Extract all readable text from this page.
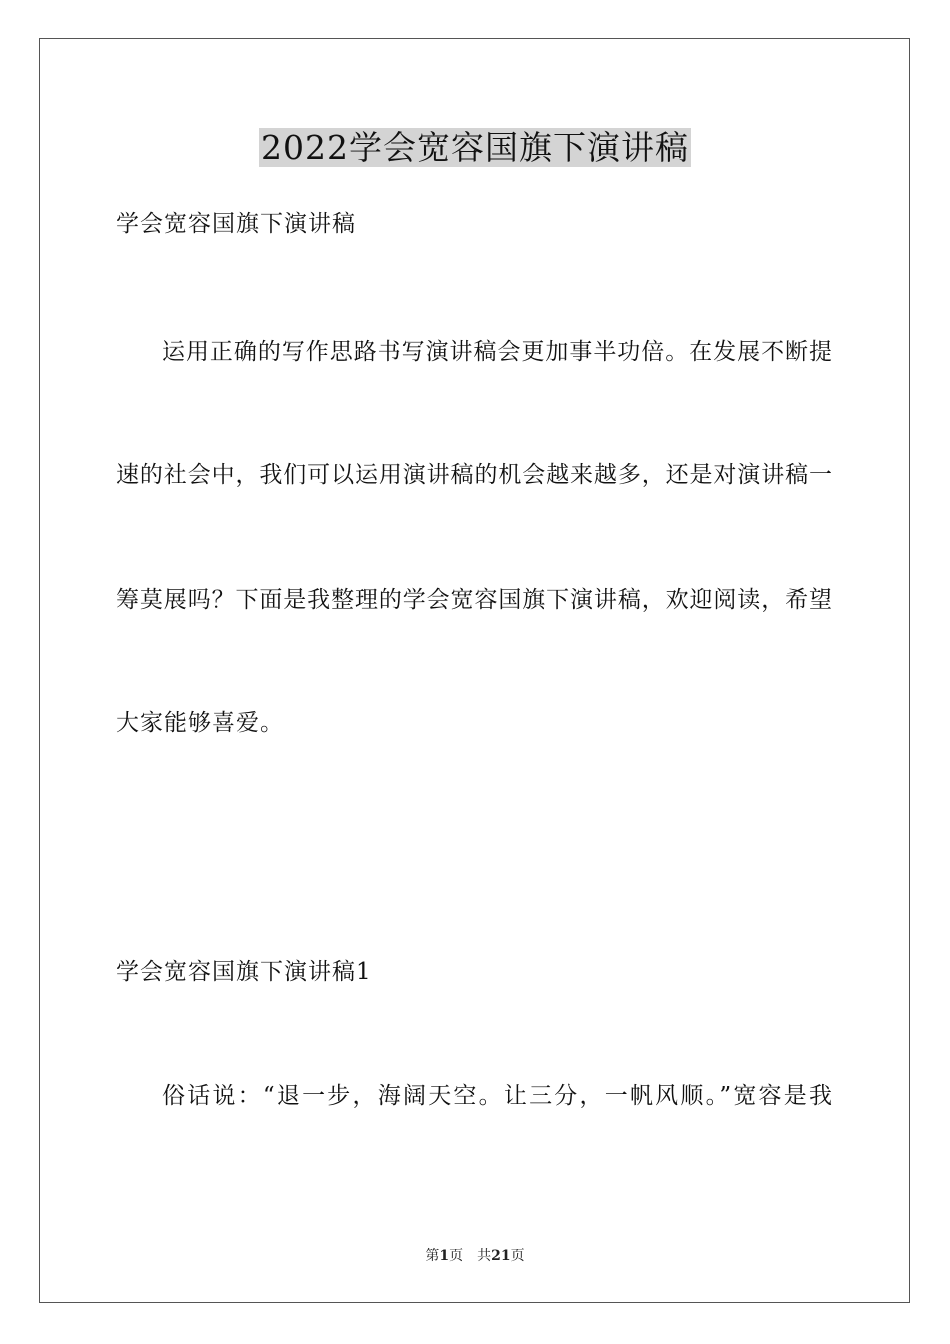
2022学会宽容国旗下演讲稿
学会宽容国旗下演讲稿
运用正确的写作思路书写演讲稿会更加事半功倍。在发展不断提
速的社会中，我们可以运用演讲稿的机会越来越多，还是对演讲稿一
筹莫展吗？下面是我整理的学会宽容国旗下演讲稿，欢迎阅读，希望
大家能够喜爱。
学会宽容国旗下演讲稿1
俗话说：“退一步，海阔天空。让三分，一帆风顺。”宽容是我
第1页 共21页
